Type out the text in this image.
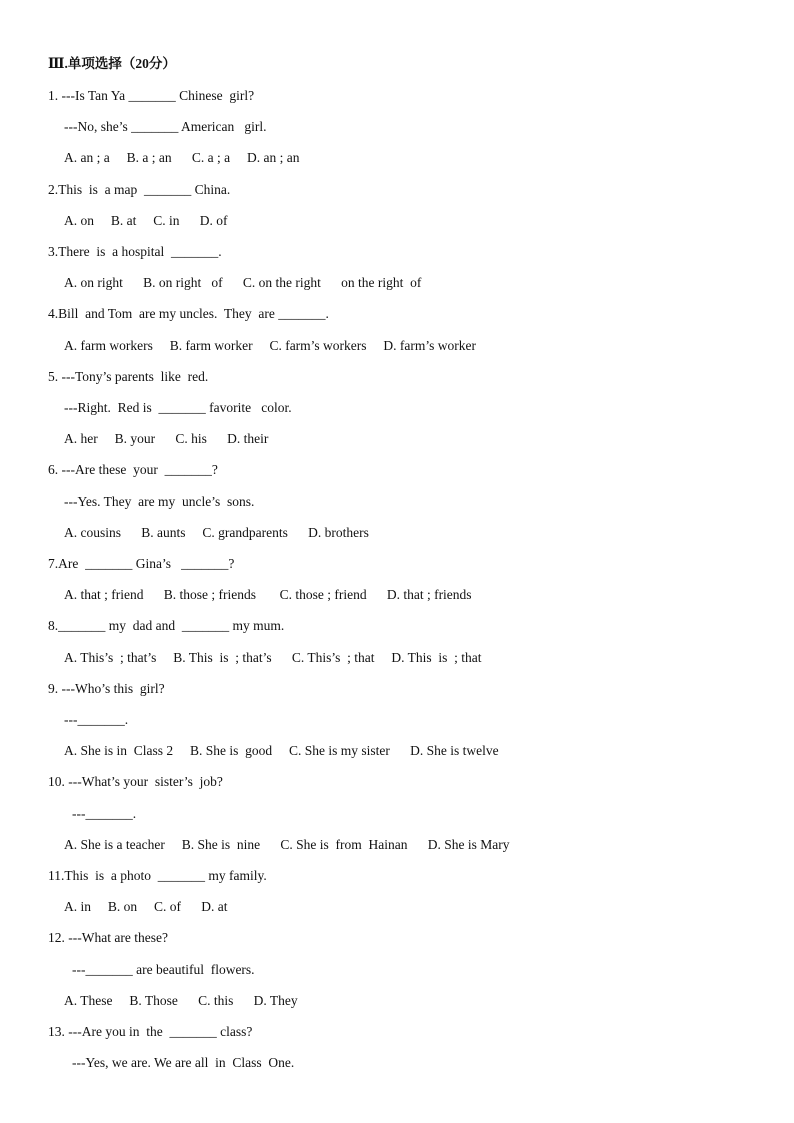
Ⅲ.单项选择（20分）
1. ---Is Tan Ya _______ Chinese  girl?
---No, she’s _______ American   girl.
A. an ; a     B. a ; an      C. a ; a     D. an ; an
2.This  is  a map  _______ China.
A. on     B. at     C. in      D. of
3.There  is  a hospital  _______.
A. on right      B. on right   of      C. on the right      on the right  of
4.Bill  and Tom  are my uncles.  They  are _______.
A. farm workers     B. farm worker     C. farm’s workers     D. farm’s worker
5. ---Tony’s parents  like  red.
---Right.  Red is  _______ favorite   color.
A. her     B. your      C. his      D. their
6. ---Are these  your  _______?
---Yes. They  are my  uncle’s  sons.
A. cousins      B. aunts     C. grandparents      D. brothers
7.Are  _______ Gina’s   _______?
A. that ; friend      B. those ; friends       C. those ; friend      D. that ; friends
8._______ my  dad and  _______ my mum.
A. This’s  ; that’s     B. This  is  ; that’s      C. This’s  ; that     D. This  is  ; that
9. ---Who’s this  girl?
---_______.
A. She is in  Class 2     B. She is  good     C. She is my sister      D. She is twelve
10. ---What’s your  sister’s  job?
---_______.
A. She is a teacher     B. She is  nine      C. She is  from  Hainan      D. She is Mary
11.This  is  a photo  _______ my family.
A. in     B. on     C. of      D. at
12. ---What are these?
---_______ are beautiful  flowers.
A. These     B. Those      C. this      D. They
13. ---Are you in  the  _______ class?
---Yes, we are. We are all  in  Class  One.
